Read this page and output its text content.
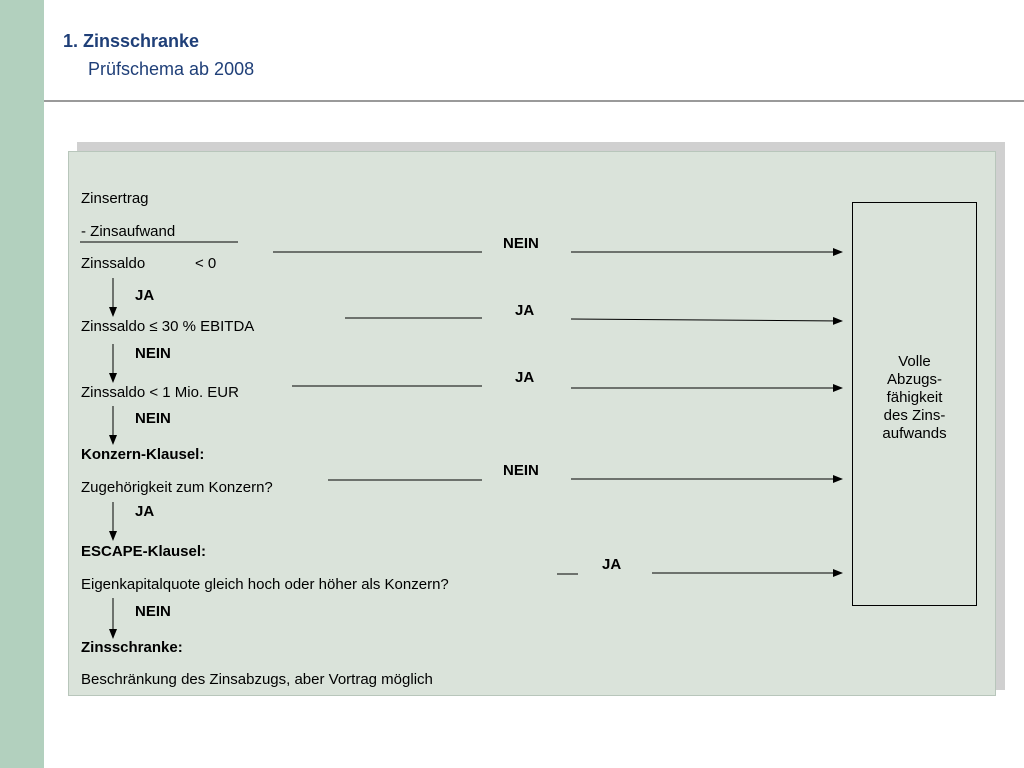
1. Zinsschranke
Prüfschema ab 2008
Zinsertrag
- Zinsaufwand
Zinssaldo	< 0
Zinssaldo ≤ 30 % EBITDA
Zinssaldo < 1 Mio. EUR
Konzern-Klausel:
Zugehörigkeit zum Konzern?
ESCAPE-Klausel:
Eigenkapitalquote gleich hoch oder höher als Konzern?
Zinsschranke:
Beschränkung des Zinsabzugs, aber Vortrag möglich
NEIN
JA
JA
NEIN
JA
JA
NEIN
NEIN
JA
NEIN
Volle
Abzugs-
fähigkeit
des Zins-
aufwands
